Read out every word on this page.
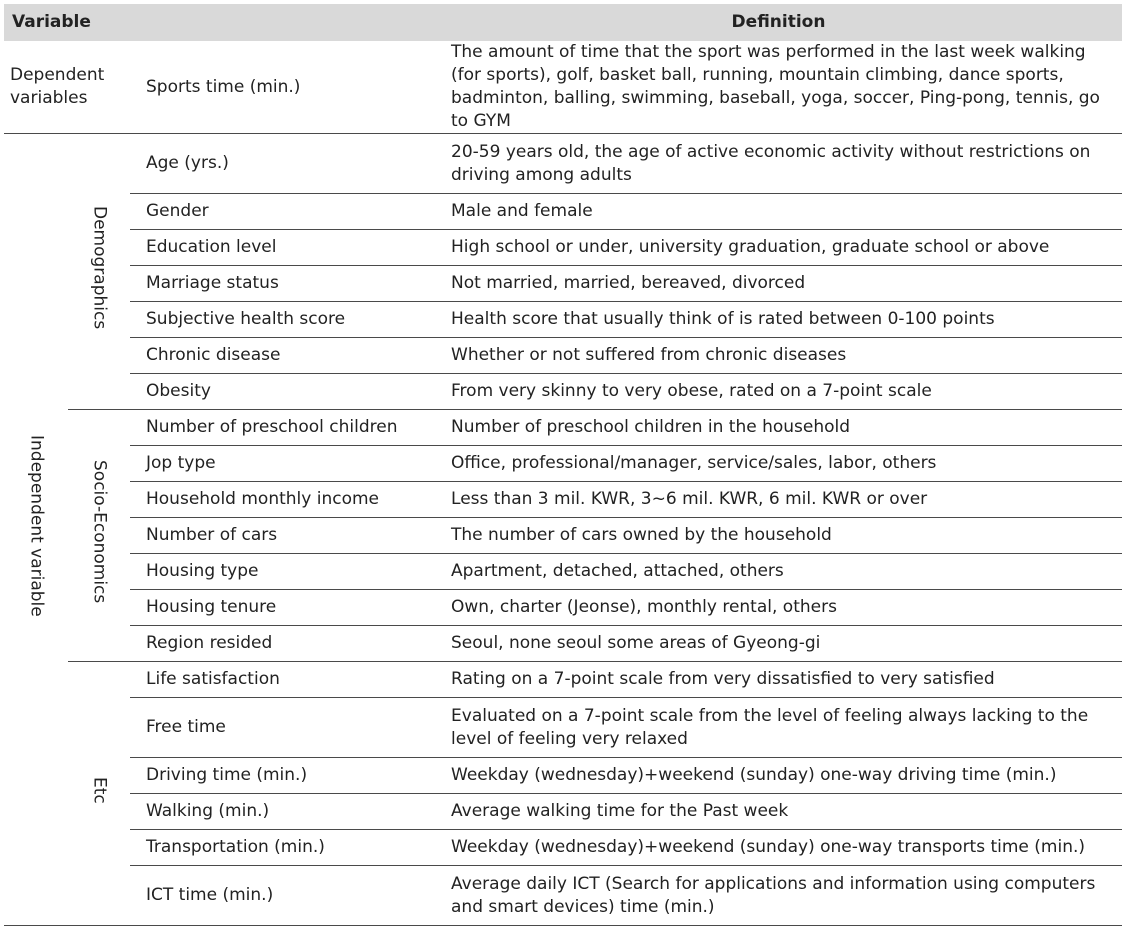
Variable			Definition
Dependent variables		Sports time (min.)	The amount of time that the sport was performed in the last week walking (for sports), golf, basket ball, running, mountain climbing, dance sports, badminton, balling, swimming, baseball, yoga, soccer, Ping-pong, tennis, go to GYM
Independent variable	Demographics	Age (yrs.)	20-59 years old, the age of active economic activity without restrictions on driving among adults
		Gender	Male and female
		Education level	High school or under, university graduation, graduate school or above
		Marriage status	Not married, married, bereaved, divorced
		Subjective health score	Health score that usually think of is rated between 0-100 points
		Chronic disease	Whether or not suffered from chronic diseases
		Obesity	From very skinny to very obese, rated on a 7-point scale
	Socio-Economics	Number of preschool children	Number of preschool children in the household
		Jop type	Office, professional/manager, service/sales, labor, others
		Household monthly income	Less than 3 mil. KWR, 3~6 mil. KWR, 6 mil. KWR or over
		Number of cars	The number of cars owned by the household
		Housing type	Apartment, detached, attached, others
		Housing tenure	Own, charter (Jeonse), monthly rental, others
		Region resided	Seoul, none seoul some areas of Gyeong-gi
	Etc	Life satisfaction	Rating on a 7-point scale from very dissatisfied to very satisfied
		Free time	Evaluated on a 7-point scale from the level of feeling always lacking to the level of feeling very relaxed
		Driving time (min.)	Weekday (wednesday)+weekend (sunday) one-way driving time (min.)
		Walking (min.)	Average walking time for the Past week
		Transportation (min.)	Weekday (wednesday)+weekend (sunday) one-way transports time (min.)
		ICT time (min.)	Average daily ICT (Search for applications and information using computers and smart devices) time (min.)
